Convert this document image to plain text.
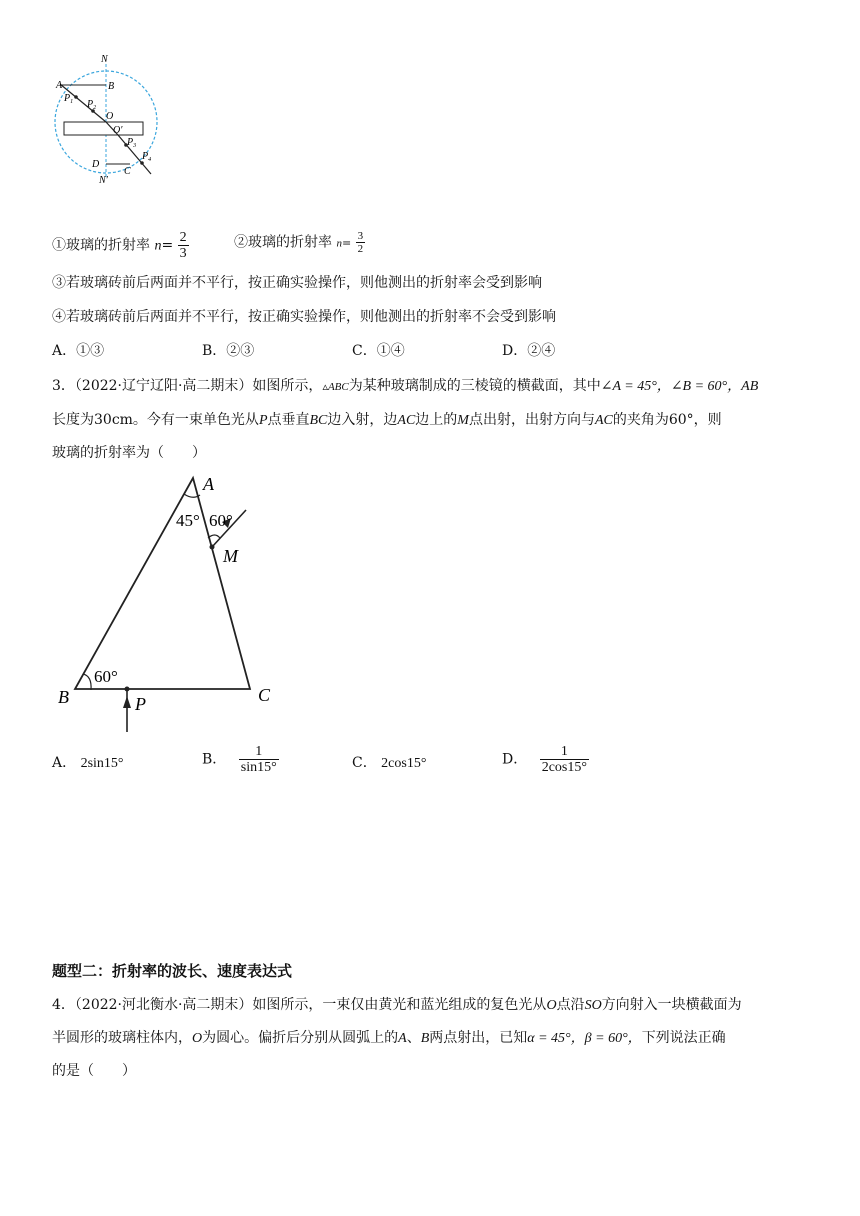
N
A	B
$P_1$ $P_2$
O
O′
$P_3$
$P_4$
D
C
N′
①玻璃的折射率 $n= \frac{2}{3}$	②玻璃的折射率 $n= \frac{3}{2}$
③若玻璃砖前后两面并不平行，按正确实验操作，则他测出的折射率会受到影响
④若玻璃砖前后两面并不平行，按正确实验操作，则他测出的折射率不会受到影响
A．①③	B．②③	C．①④	D．②④
3．（2022·辽宁辽阳·高二期末）如图所示，▵ABC为某种玻璃制成的三棱镜的横截面，其中∠A = 45°，∠B = 60°，AB
长度为30cm。今有一束单色光从P点垂直BC边入射，边AC边上的M点出射，出射方向与AC的夹角为60°，则
玻璃的折射率为（　　）
A
45° 60°
M
60°
B	C
P
A． 2sin15°	B． $\frac{1}{\sin 15^\circ}$	C． 2cos15°	D． $\frac{1}{2\cos 15^\circ}$
题型二：折射率的波长、速度表达式
4．（2022·河北衡水·高二期末）如图所示，一束仅由黄光和蓝光组成的复色光从O点沿SO方向射入一块横截面为
半圆形的玻璃柱体内，O为圆心。偏折后分别从圆弧上的A、B两点射出，已知α = 45°，β = 60°，下列说法正确
的是（　　）
